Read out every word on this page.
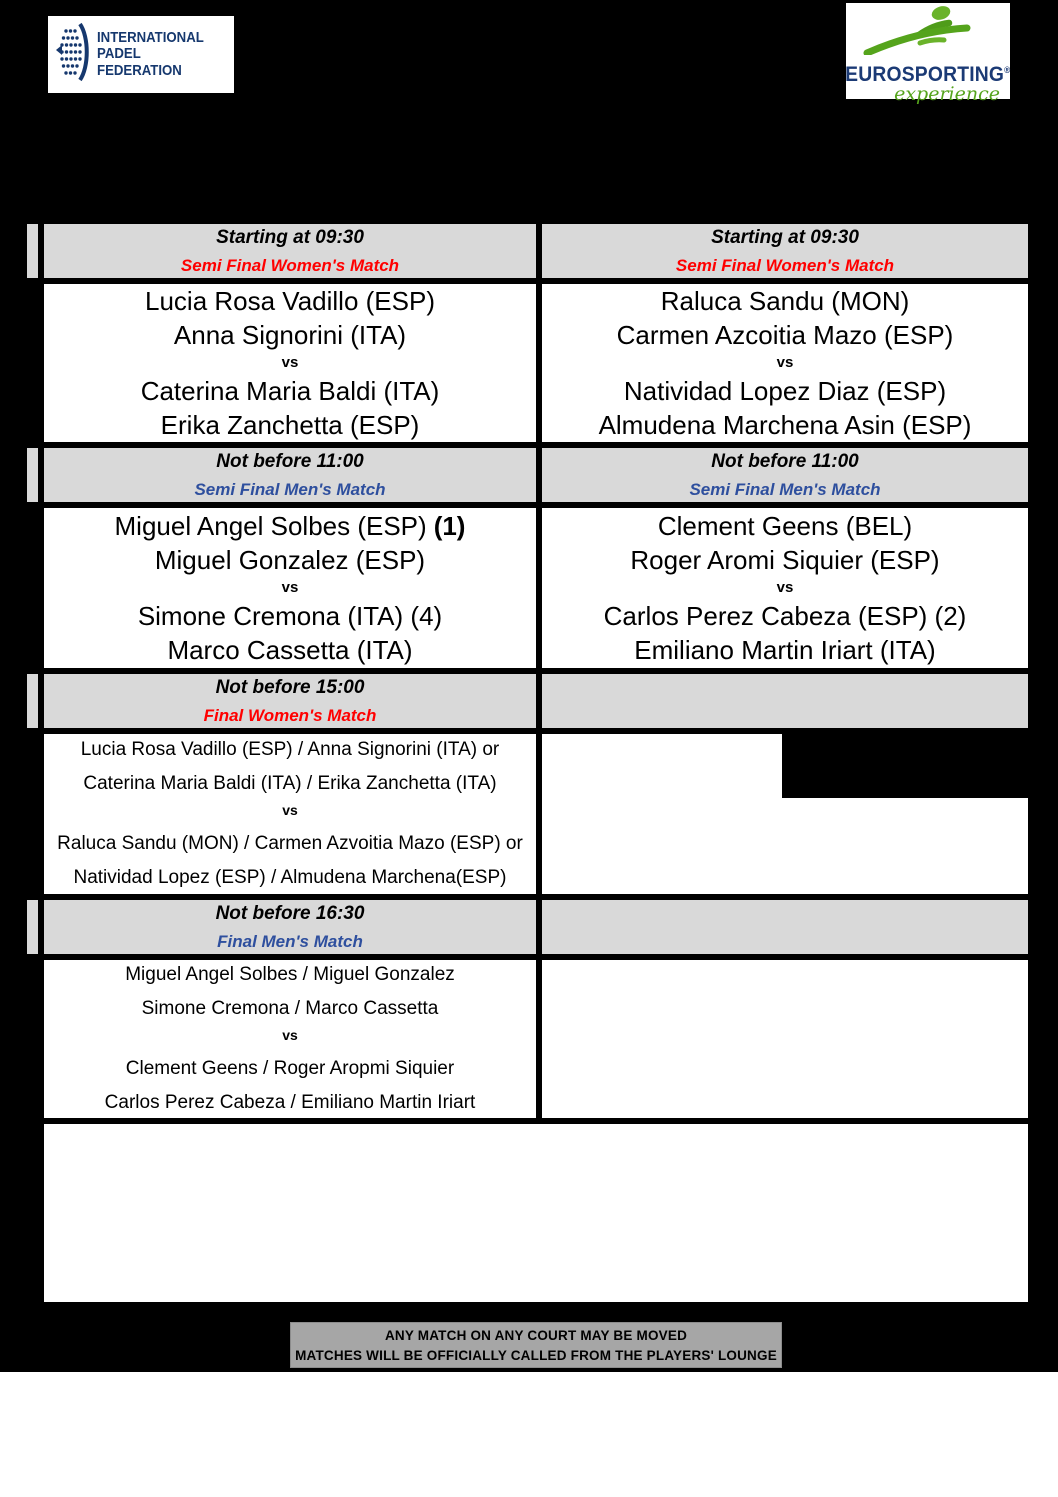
INTERNATIONAL
PADEL
FEDERATION	EUROSPORTING®
experience
Starting at 09:30
Semi Final Women's Match
Starting at 09:30
Semi Final Women's Match
Lucia Rosa Vadillo (ESP)
Anna Signorini (ITA)
vs
Caterina Maria Baldi (ITA)
Erika Zanchetta (ESP)
Raluca Sandu (MON)
Carmen Azcoitia Mazo (ESP)
vs
Natividad Lopez Diaz (ESP)
Almudena Marchena Asin (ESP)
Not before 11:00
Semi Final Men's Match
Not before 11:00
Semi Final Men's Match
Miguel Angel Solbes (ESP) (1)
Miguel Gonzalez (ESP)
vs
Simone Cremona (ITA) (4)
Marco Cassetta (ITA)
Clement Geens (BEL)
Roger Aromi Siquier (ESP)
vs
Carlos Perez Cabeza (ESP) (2)
Emiliano Martin Iriart (ITA)
Not before 15:00
Final Women's Match
Lucia Rosa Vadillo (ESP) / Anna Signorini (ITA) or
Caterina Maria Baldi (ITA) / Erika Zanchetta (ITA)
vs
Raluca Sandu (MON) / Carmen Azvoitia Mazo (ESP) or
Natividad Lopez (ESP) / Almudena Marchena(ESP)
Not before 16:30
Final Men's Match
Miguel Angel Solbes / Miguel Gonzalez
Simone Cremona / Marco Cassetta
vs
Clement Geens / Roger Aropmi Siquier
Carlos Perez Cabeza / Emiliano Martin Iriart
ANY MATCH ON ANY COURT MAY BE MOVED
MATCHES WILL BE OFFICIALLY CALLED FROM THE PLAYERS' LOUNGE
